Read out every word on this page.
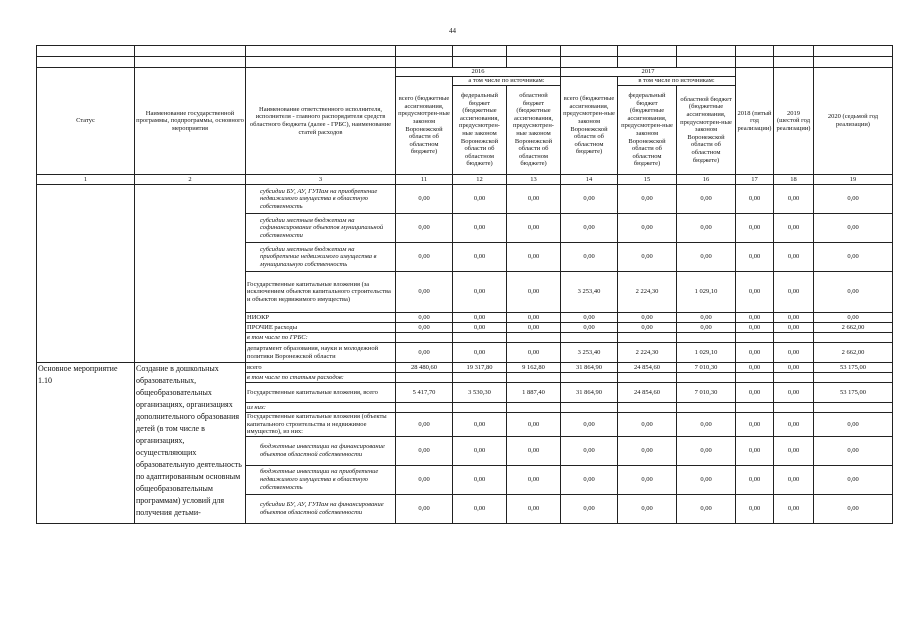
44

Статус	Наименование государственной программы, подпрограммы, основного мероприятия	Наименование ответственного исполнителя, исполнителя - главного распорядителя средств областного бюджета (далее - ГРБС), наименование статей расходов	2016			2017			2018 (пятый год реализации)	2019 (шестой год реализации)	2020 (седьмой год реализации)
			всего (бюджетные ассигнования, предусмотрен-ные законом Воронежской области об областном бюджете)	а том числе по источникам:		всего (бюджетные ассигнования, предусмотрен-ные законом Воронежской области об областном бюджете)	в том числе по источникам:				
				федеральный бюджет (бюджетные ассигнования, предусмотрен-ные законом Воронежской области об областном бюджете)	областной бюджет (бюджетные ассигнования, предусмотрен-ные законом Воронежской области об областном бюджете)		федеральный бюджет (бюджетные ассигнования, предусмотрен-ные законом Воронежской области об областном бюджете)	областной бюджет (бюджетные ассигнования, предусмотрен-ные законом Воронежской области об областном бюджете)			
1	2	3	11	12	13	14	15	16	17	18	19
		субсидии БУ, АУ, ГУПам на приобретение недвижимого имущества в областную собственность	0,00	0,00	0,00	0,00	0,00	0,00	0,00	0,00	0,00
		субсидии местным бюджетам на софинансирование объектов муниципальной собственности	0,00	0,00	0,00	0,00	0,00	0,00	0,00	0,00	0,00
		субсидии местным бюджетам на приобретение недвижимого имущества в муниципальную собственность	0,00	0,00	0,00	0,00	0,00	0,00	0,00	0,00	0,00
		Государственные капитальные вложения (за исключением объектов капитального строительства и объектов недвижимого имущества)	0,00	0,00	0,00	3 253,40	2 224,30	1 029,10	0,00	0,00	0,00
		НИОКР	0,00	0,00	0,00	0,00	0,00	0,00	0,00	0,00	0,00
		ПРОЧИЕ расходы	0,00	0,00	0,00	0,00	0,00	0,00	0,00	0,00	2 662,00
		в том числе по ГРБС:									
		департамент образования, науки и молодежной политики Воронежской области	0,00	0,00	0,00	3 253,40	2 224,30	1 029,10	0,00	0,00	2 662,00
Основное мероприятие 1.10	Создание в дошкольных образовательных, общеобразовательных организациях, организациях дополнительного образования детей (в том числе в организациях, осуществляющих образовательную деятельность по адаптированным основным общеобразовательным программам) условий для получения детьми-	всего	28 480,60	19 317,80	9 162,80	31 864,90	24 854,60	7 010,30	0,00	0,00	53 175,00
		в том числе по статьям расходов:									
		Государственные капитальные вложения, всего	5 417,70	3 530,30	1 887,40	31 864,90	24 854,60	7 010,30	0,00	0,00	53 175,00
		из них:									
		Государственные капитальные вложения (объекты капитального строительства и недвижимое имущество), из них:	0,00	0,00	0,00	0,00	0,00	0,00	0,00	0,00	0,00
		бюджетные инвестиции на финансирование объектов областной собственности	0,00	0,00	0,00	0,00	0,00	0,00	0,00	0,00	0,00
		бюджетные инвестиции на приобретение недвижимого имущества в областную собственность	0,00	0,00	0,00	0,00	0,00	0,00	0,00	0,00	0,00
		субсидии БУ, АУ, ГУПам на финансирование объектов областной собственности	0,00	0,00	0,00	0,00	0,00	0,00	0,00	0,00	0,00
